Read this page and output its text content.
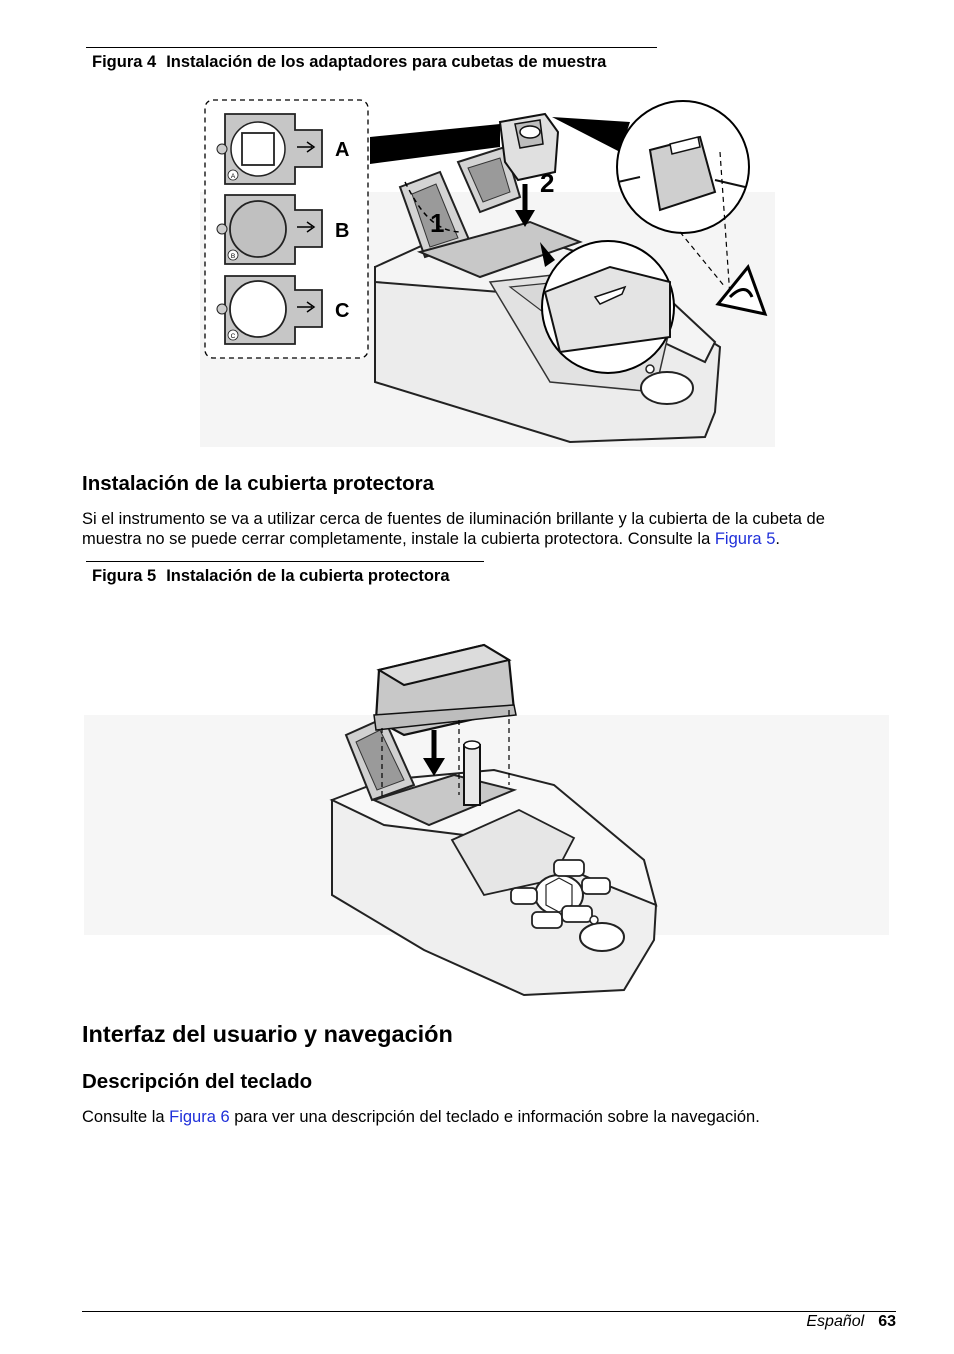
Figura 4 Instalación de los adaptadores para cubetas de muestra
2
1
A
B
C
A
B
C
Instalación de la cubierta protectora
Si el instrumento se va a utilizar cerca de fuentes de iluminación brillante y la cubierta de la cubeta de muestra no se puede cerrar completamente, instale la cubierta protectora. Consulte la Figura 5.
Figura 5 Instalación de la cubierta protectora
Interfaz del usuario y navegación
Descripción del teclado
Consulte la Figura 6 para ver una descripción del teclado e información sobre la navegación.
Español 63
